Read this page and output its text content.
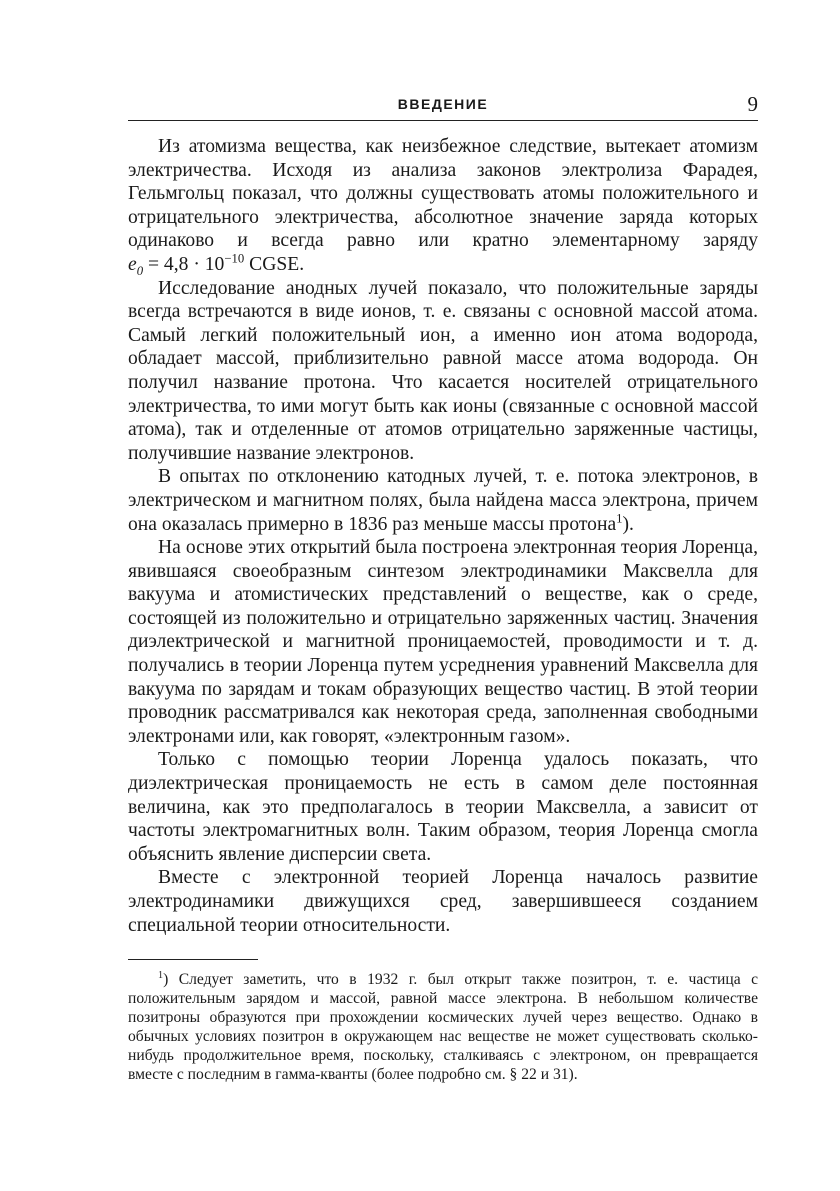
ВВЕДЕНИЕ	9

Из атомизма вещества, как неизбежное следствие, вытекает атомизм электричества. Исходя из анализа законов электролиза Фарадея, Гельмгольц показал, что должны существовать атомы положительного и отрицательного электричества, абсолютное значение заряда которых одинаково и всегда равно или кратно элементарному заряду $e_0 = 4,8 \cdot 10^{-10}$ CGSE.

Исследование анодных лучей показало, что положительные заряды всегда встречаются в виде ионов, т. е. связаны с основной массой атома. Самый легкий положительный ион, а именно ион атома водорода, обладает массой, приблизительно равной массе атома водорода. Он получил название протона. Что касается носителей отрицательного электричества, то ими могут быть как ионы (связанные с основной массой атома), так и отделенные от атомов отрицательно заряженные частицы, получившие название электронов.

В опытах по отклонению катодных лучей, т. е. потока электронов, в электрическом и магнитном полях, была найдена масса электрона, причем она оказалась примерно в 1836 раз меньше массы протона$^1$).

На основе этих открытий была построена электронная теория Лоренца, явившаяся своеобразным синтезом электродинамики Максвелла для вакуума и атомистических представлений о веществе, как о среде, состоящей из положительно и отрицательно заряженных частиц. Значения диэлектрической и магнитной проницаемостей, проводимости и т. д. получались в теории Лоренца путем усреднения уравнений Максвелла для вакуума по зарядам и токам образующих вещество частиц. В этой теории проводник рассматривался как некоторая среда, заполненная свободными электронами или, как говорят, «электронным газом».

Только с помощью теории Лоренца удалось показать, что диэлектрическая проницаемость не есть в самом деле постоянная величина, как это предполагалось в теории Максвелла, а зависит от частоты электромагнитных волн. Таким образом, теория Лоренца смогла объяснить явление дисперсии света.

Вместе с электронной теорией Лоренца началось развитие электродинамики движущихся сред, завершившееся созданием специальной теории относительности.

$^1$) Следует заметить, что в 1932 г. был открыт также позитрон, т. е. частица с положительным зарядом и массой, равной массе электрона. В небольшом количестве позитроны образуются при прохождении космических лучей через вещество. Однако в обычных условиях позитрон в окружающем нас веществе не может существовать сколько-нибудь продолжительное время, поскольку, сталкиваясь с электроном, он превращается вместе с последним в гамма-кванты (более подробно см. § 22 и 31).
